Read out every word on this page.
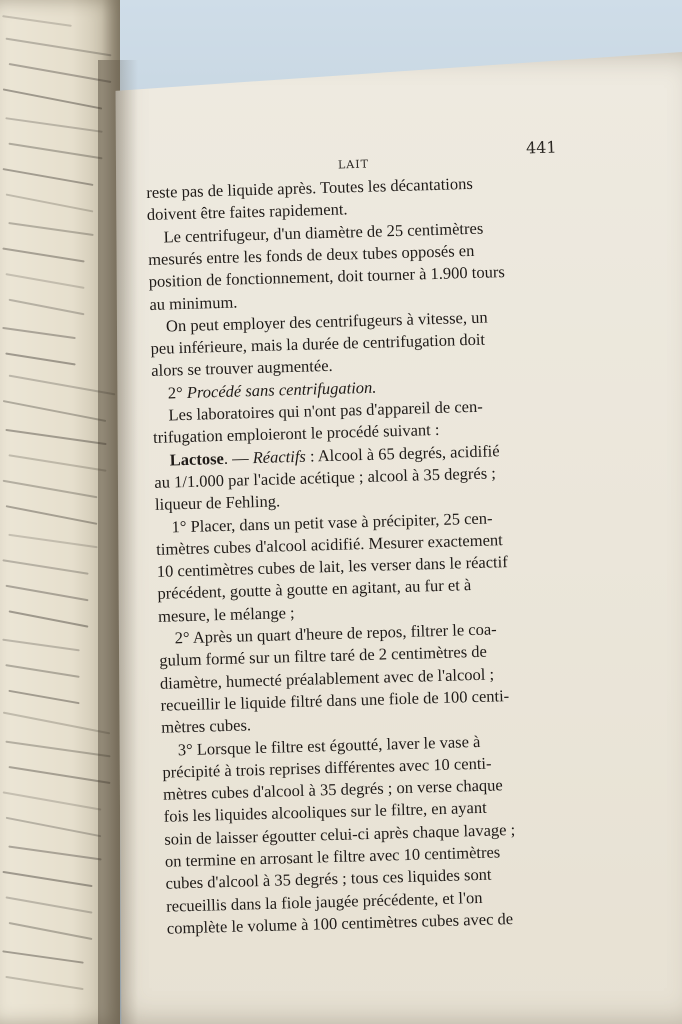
LAIT
441
reste pas de liquide après. Toutes les décantations
doivent être faites rapidement.
Le centrifugeur, d'un diamètre de 25 centimètres
mesurés entre les fonds de deux tubes opposés en
position de fonctionnement, doit tourner à 1.900 tours
au minimum.
On peut employer des centrifugeurs à vitesse, un
peu inférieure, mais la durée de centrifugation doit
alors se trouver augmentée.
2° Procédé sans centrifugation.
Les laboratoires qui n'ont pas d'appareil de cen-
trifugation emploieront le procédé suivant :
Lactose. — Réactifs : Alcool à 65 degrés, acidifié
au 1/1.000 par l'acide acétique ; alcool à 35 degrés ;
liqueur de Fehling.
1° Placer, dans un petit vase à précipiter, 25 cen-
timètres cubes d'alcool acidifié. Mesurer exactement
10 centimètres cubes de lait, les verser dans le réactif
précédent, goutte à goutte en agitant, au fur et à
mesure, le mélange ;
2° Après un quart d'heure de repos, filtrer le coa-
gulum formé sur un filtre taré de 2 centimètres de
diamètre, humecté préalablement avec de l'alcool ;
recueillir le liquide filtré dans une fiole de 100 centi-
mètres cubes.
3° Lorsque le filtre est égoutté, laver le vase à
précipité à trois reprises différentes avec 10 centi-
mètres cubes d'alcool à 35 degrés ; on verse chaque
fois les liquides alcooliques sur le filtre, en ayant
soin de laisser égoutter celui-ci après chaque lavage ;
on termine en arrosant le filtre avec 10 centimètres
cubes d'alcool à 35 degrés ; tous ces liquides sont
recueillis dans la fiole jaugée précédente, et l'on
complète le volume à 100 centimètres cubes avec de
